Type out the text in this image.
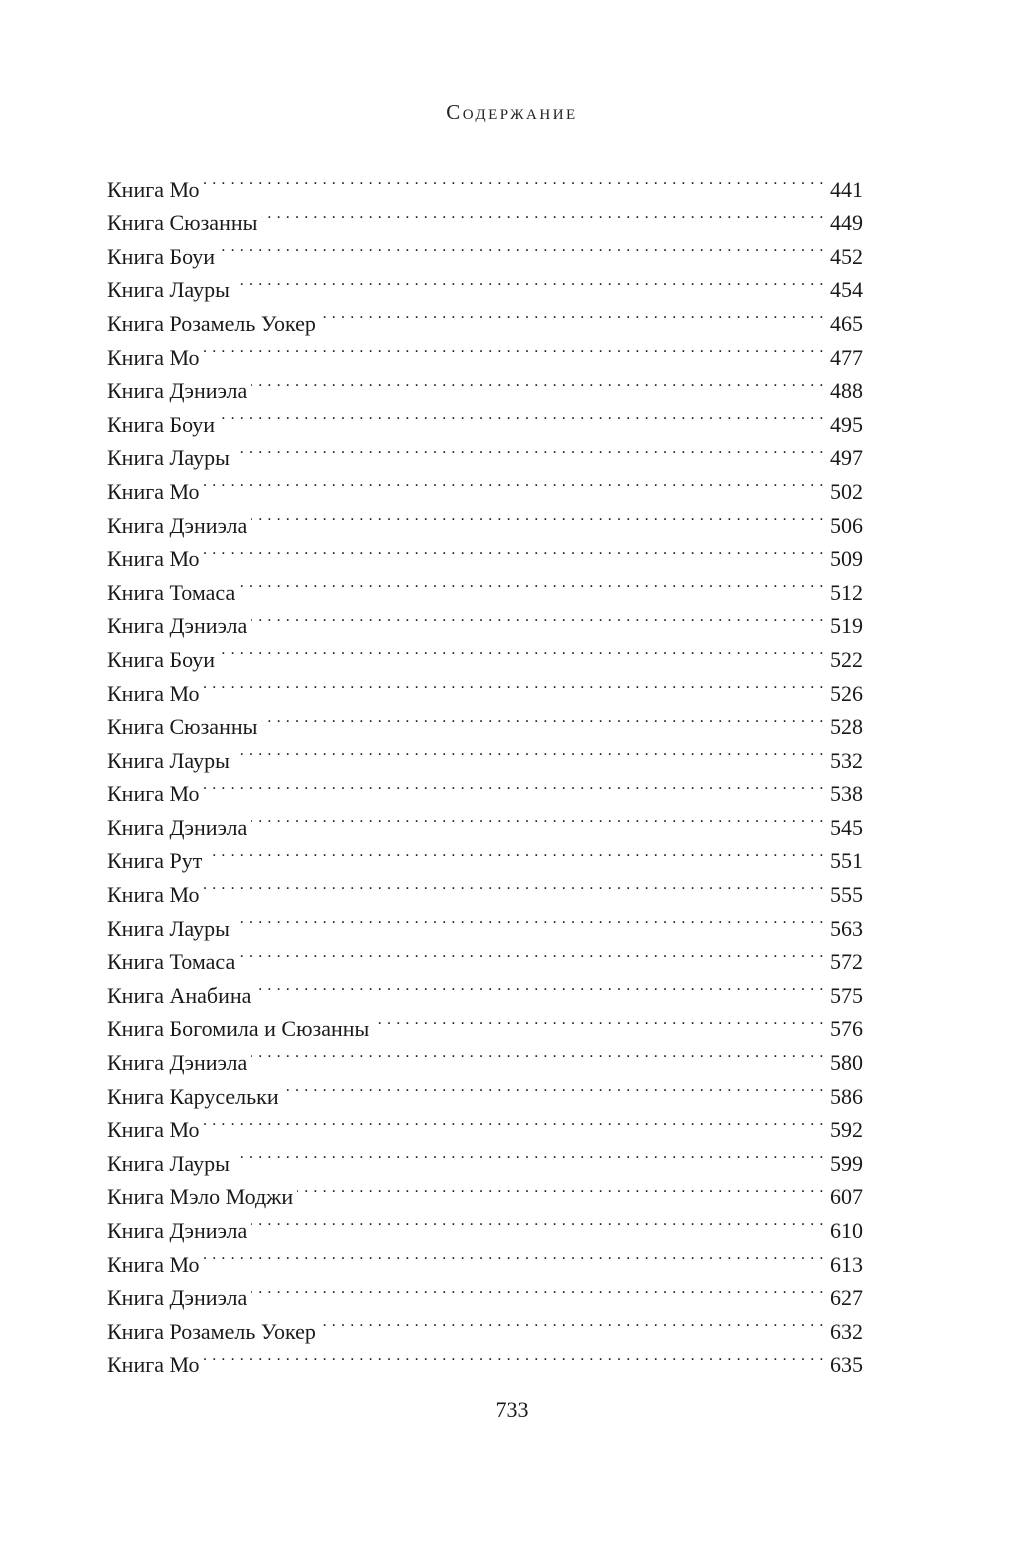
Содержание
Книга Мо . . .	441
Книга Сюзанны . . .	449
Книга Боуи . . .	452
Книга Лауры . . .	454
Книга Розамель Уокер . . .	465
Книга Мо . . .	477
Книга Дэниэла . . .	488
Книга Боуи . . .	495
Книга Лауры . . .	497
Книга Мо . . .	502
Книга Дэниэла . . .	506
Книга Мо . . .	509
Книга Томаса . . .	512
Книга Дэниэла . . .	519
Книга Боуи . . .	522
Книга Мо . . .	526
Книга Сюзанны . . .	528
Книга Лауры . . .	532
Книга Мо . . .	538
Книга Дэниэла . . .	545
Книга Рут . . .	551
Книга Мо . . .	555
Книга Лауры . . .	563
Книга Томаса . . .	572
Книга Анабина . . .	575
Книга Богомила и Сюзанны . . .	576
Книга Дэниэла . . .	580
Книга Карусельки . . .	586
Книга Мо . . .	592
Книга Лауры . . .	599
Книга Мэло Моджи . . .	607
Книга Дэниэла . . .	610
Книга Мо . . .	613
Книга Дэниэла . . .	627
Книга Розамель Уокер . . .	632
Книга Мо . . .	635
733
